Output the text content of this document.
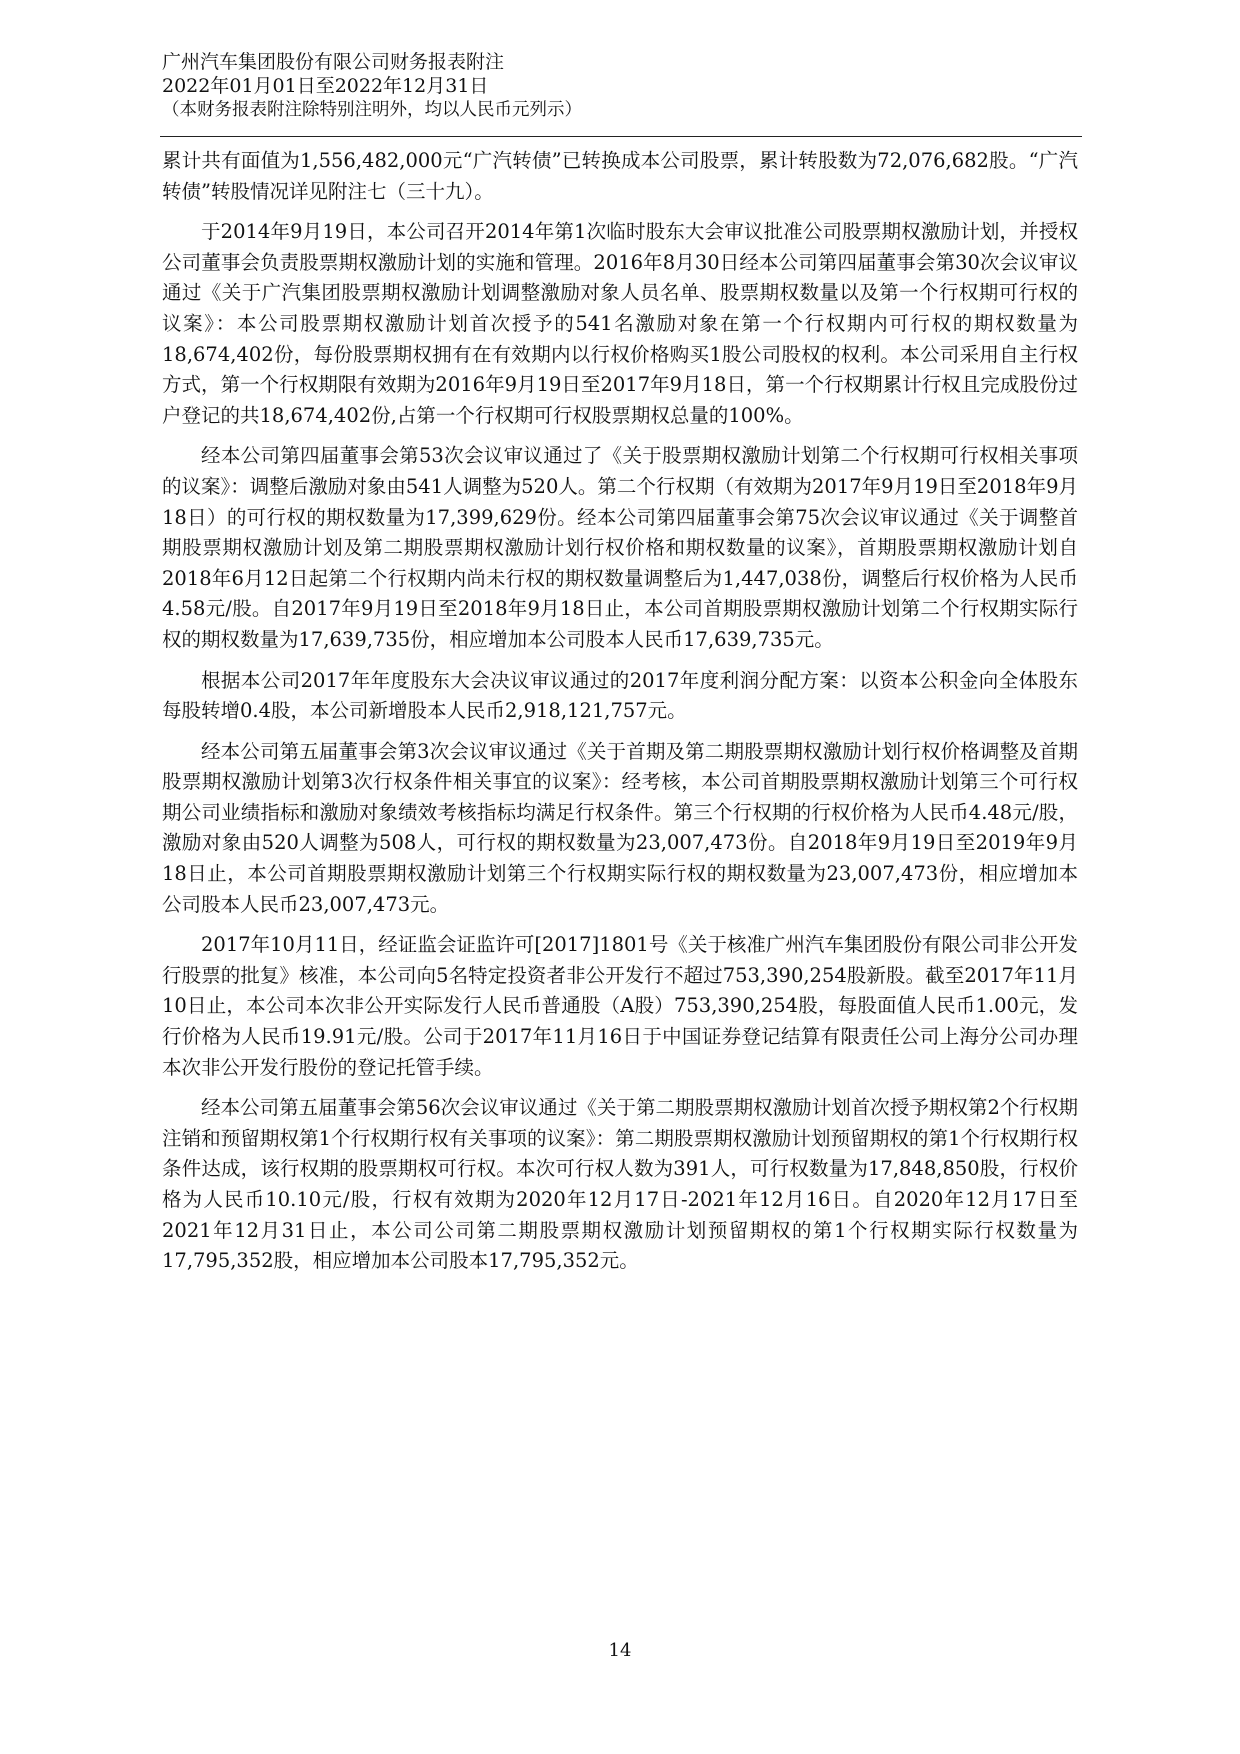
广州汽车集团股份有限公司财务报表附注
2022年01月01日至2022年12月31日
（本财务报表附注除特别注明外，均以人民币元列示）

累计共有面值为1,556,482,000元“广汽转债”已转换成本公司股票，累计转股数为72,076,682股。“广汽转债”转股情况详见附注七（三十九）。

于2014年9月19日，本公司召开2014年第1次临时股东大会审议批准公司股票期权激励计划，并授权公司董事会负责股票期权激励计划的实施和管理。2016年8月30日经本公司第四届董事会第30次会议审议通过《关于广汽集团股票期权激励计划调整激励对象人员名单、股票期权数量以及第一个行权期可行权的议案》：本公司股票期权激励计划首次授予的541名激励对象在第一个行权期内可行权的期权数量为18,674,402份，每份股票期权拥有在有效期内以行权价格购买1股公司股权的权利。本公司采用自主行权方式，第一个行权期限有效期为2016年9月19日至2017年9月18日，第一个行权期累计行权且完成股份过户登记的共18,674,402份,占第一个行权期可行权股票期权总量的100%。

经本公司第四届董事会第53次会议审议通过了《关于股票期权激励计划第二个行权期可行权相关事项的议案》：调整后激励对象由541人调整为520人。第二个行权期（有效期为2017年9月19日至2018年9月18日）的可行权的期权数量为17,399,629份。经本公司第四届董事会第75次会议审议通过《关于调整首期股票期权激励计划及第二期股票期权激励计划行权价格和期权数量的议案》，首期股票期权激励计划自2018年6月12日起第二个行权期内尚未行权的期权数量调整后为1,447,038份，调整后行权价格为人民币4.58元/股。自2017年9月19日至2018年9月18日止，本公司首期股票期权激励计划第二个行权期实际行权的期权数量为17,639,735份，相应增加本公司股本人民币17,639,735元。

根据本公司2017年年度股东大会决议审议通过的2017年度利润分配方案：以资本公积金向全体股东每股转增0.4股，本公司新增股本人民币2,918,121,757元。

经本公司第五届董事会第3次会议审议通过《关于首期及第二期股票期权激励计划行权价格调整及首期股票期权激励计划第3次行权条件相关事宜的议案》：经考核，本公司首期股票期权激励计划第三个可行权期公司业绩指标和激励对象绩效考核指标均满足行权条件。第三个行权期的行权价格为人民币4.48元/股，激励对象由520人调整为508人，可行权的期权数量为23,007,473份。自2018年9月19日至2019年9月18日止，本公司首期股票期权激励计划第三个行权期实际行权的期权数量为23,007,473份，相应增加本公司股本人民币23,007,473元。

2017年10月11日，经证监会证监许可[2017]1801号《关于核准广州汽车集团股份有限公司非公开发行股票的批复》核准，本公司向5名特定投资者非公开发行不超过753,390,254股新股。截至2017年11月10日止，本公司本次非公开实际发行人民币普通股（A股）753,390,254股，每股面值人民币1.00元，发行价格为人民币19.91元/股。公司于2017年11月16日于中国证券登记结算有限责任公司上海分公司办理本次非公开发行股份的登记托管手续。

经本公司第五届董事会第56次会议审议通过《关于第二期股票期权激励计划首次授予期权第2个行权期注销和预留期权第1个行权期行权有关事项的议案》：第二期股票期权激励计划预留期权的第1个行权期行权条件达成，该行权期的股票期权可行权。本次可行权人数为391人，可行权数量为17,848,850股，行权价格为人民币10.10元/股，行权有效期为2020年12月17日-2021年12月16日。自2020年12月17日至2021年12月31日止，本公司公司第二期股票期权激励计划预留期权的第1个行权期实际行权数量为17,795,352股，相应增加本公司股本17,795,352元。

14
